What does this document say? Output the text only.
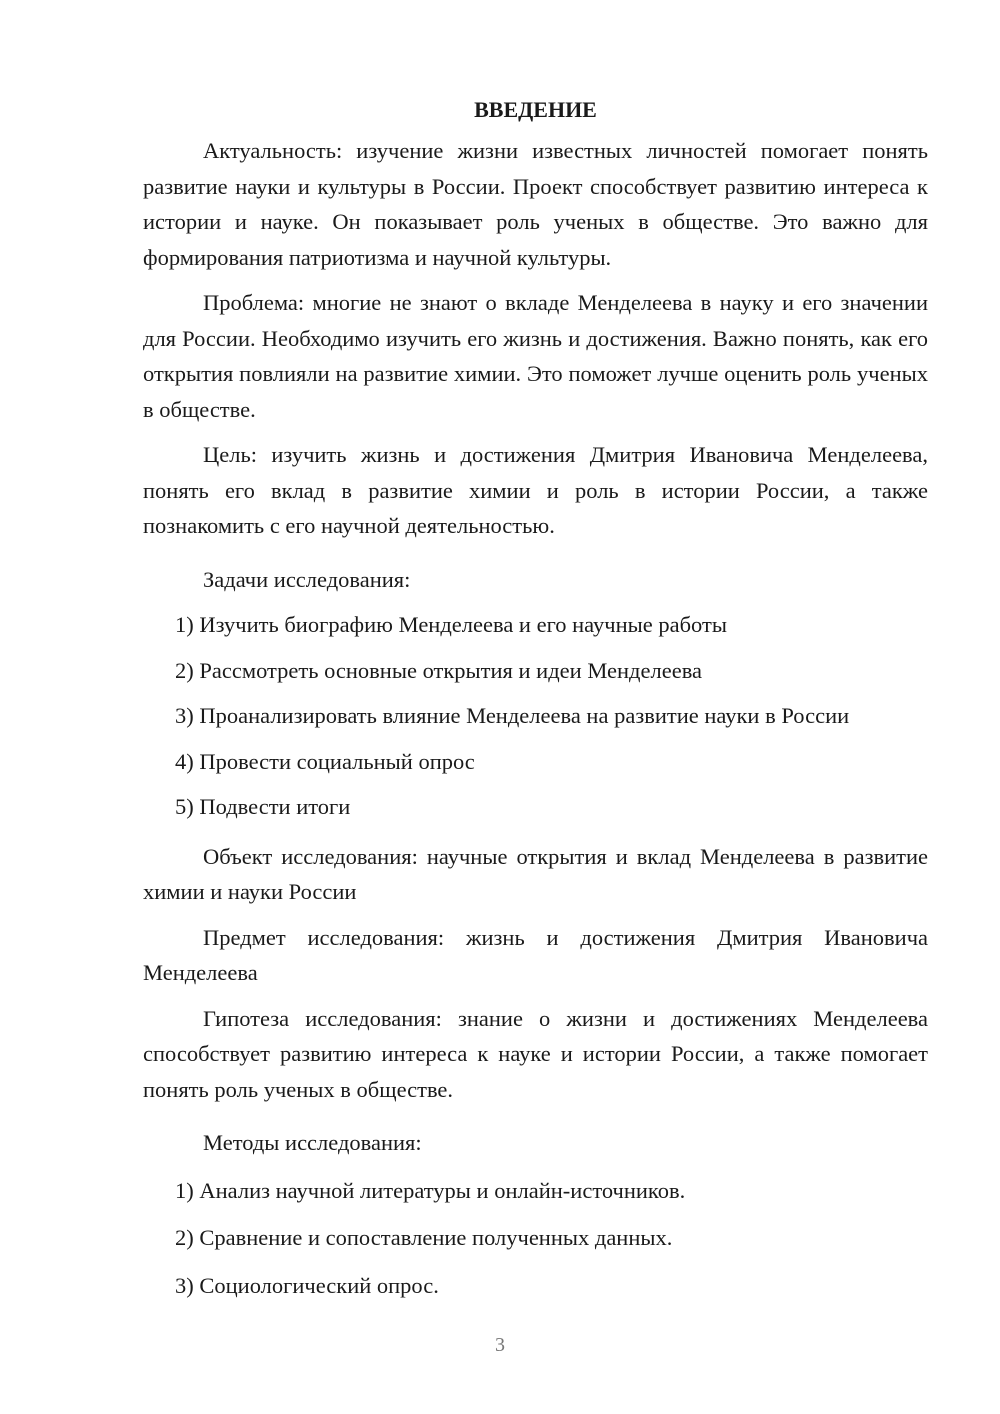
ВВЕДЕНИЕ

Актуальность: изучение жизни известных личностей помогает понять развитие науки и культуры в России. Проект способствует развитию интереса к истории и науке. Он показывает роль ученых в обществе. Это важно для формирования патриотизма и научной культуры.

Проблема: многие не знают о вкладе Менделеева в науку и его значении для России. Необходимо изучить его жизнь и достижения. Важно понять, как его открытия повлияли на развитие химии. Это поможет лучше оценить роль ученых в обществе.

Цель: изучить жизнь и достижения Дмитрия Ивановича Менделеева, понять его вклад в развитие химии и роль в истории России, а также познакомить с его научной деятельностью.

Задачи исследования:

1) Изучить биографию Менделеева и его научные работы
2) Рассмотреть основные открытия и идеи Менделеева
3) Проанализировать влияние Менделеева на развитие науки в России
4) Провести социальный опрос
5) Подвести итоги

Объект исследования: научные открытия и вклад Менделеева в развитие химии и науки России

Предмет исследования: жизнь и достижения Дмитрия Ивановича Менделеева

Гипотеза исследования: знание о жизни и достижениях Менделеева способствует развитию интереса к науке и истории России, а также помогает понять роль ученых в обществе.

Методы исследования:

1) Анализ научной литературы и онлайн-источников.
2) Сравнение и сопоставление полученных данных.
3) Социологический опрос.
3
